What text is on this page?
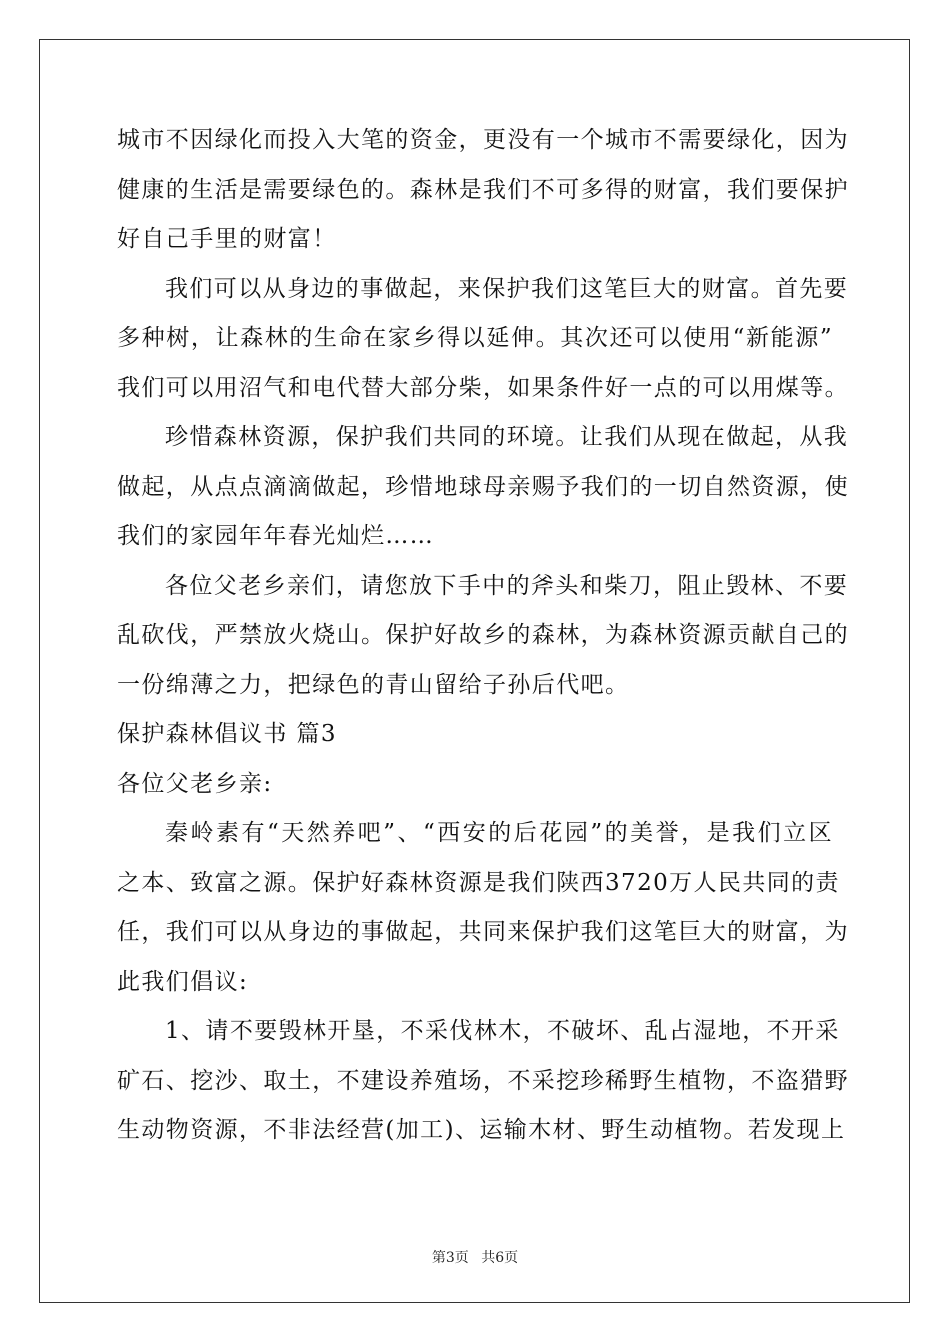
城市不因绿化而投入大笔的资金，更没有一个城市不需要绿化，因为
健康的生活是需要绿色的。森林是我们不可多得的财富，我们要保护
好自己手里的财富！
我们可以从身边的事做起，来保护我们这笔巨大的财富。首先要
多种树，让森林的生命在家乡得以延伸。其次还可以使用“新能源”
我们可以用沼气和电代替大部分柴，如果条件好一点的可以用煤等。
珍惜森林资源，保护我们共同的环境。让我们从现在做起，从我
做起，从点点滴滴做起，珍惜地球母亲赐予我们的一切自然资源，使
我们的家园年年春光灿烂……
各位父老乡亲们，请您放下手中的斧头和柴刀，阻止毁林、不要
乱砍伐，严禁放火烧山。保护好故乡的森林，为森林资源贡献自己的
一份绵薄之力，把绿色的青山留给子孙后代吧。
保护森林倡议书 篇3
各位父老乡亲:
秦岭素有“天然养吧”、“西安的后花园”的美誉，是我们立区
之本、致富之源。保护好森林资源是我们陕西3720万人民共同的责
任，我们可以从身边的事做起，共同来保护我们这笔巨大的财富，为
此我们倡议:
1、请不要毁林开垦，不采伐林木，不破坏、乱占湿地，不开采
矿石、挖沙、取土，不建设养殖场，不采挖珍稀野生植物，不盗猎野
生动物资源，不非法经营(加工)、运输木材、野生动植物。若发现上
第3页 共6页
